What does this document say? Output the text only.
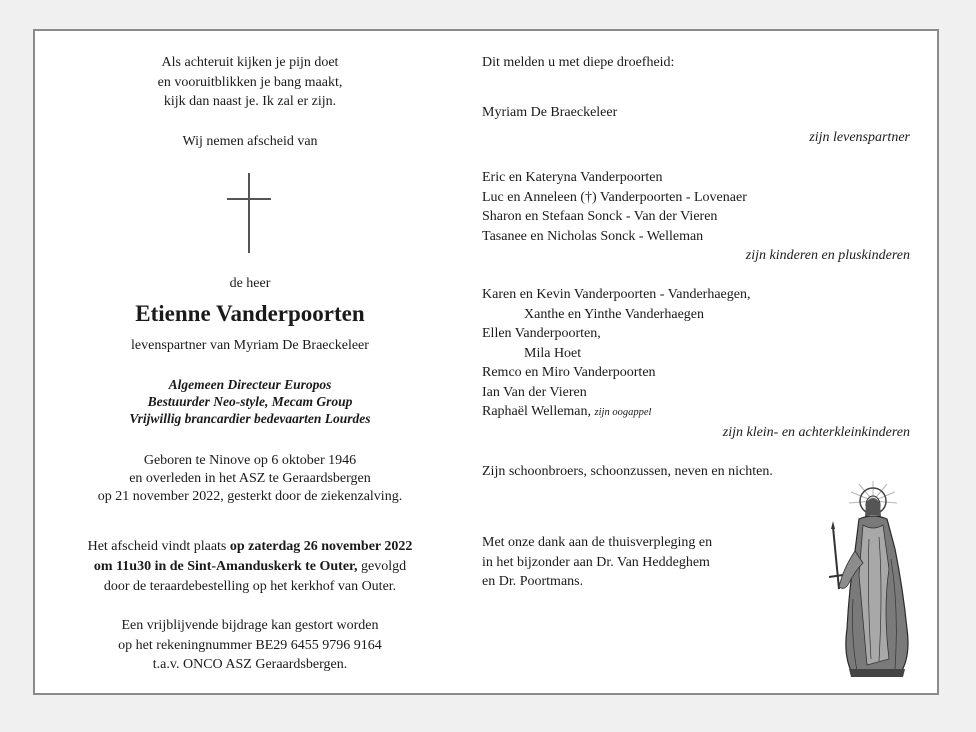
Als achteruit kijken je pijn doet
en vooruitblikken je bang maakt,
kijk dan naast je. Ik zal er zijn.
Wij nemen afscheid van
de heer
Etienne Vanderpoorten
levenspartner van Myriam De Braeckeleer
Algemeen Directeur Europos
Bestuurder Neo-style, Mecam Group
Vrijwillig brancardier bedevaarten Lourdes
Geboren te Ninove op 6 oktober 1946
en overleden in het ASZ te Geraardsbergen
op 21 november 2022, gesterkt door de ziekenzalving.
Het afscheid vindt plaats op zaterdag 26 november 2022
om 11u30 in de Sint-Amanduskerk te Outer, gevolgd
door de teraardebestelling op het kerkhof van Outer.
Een vrijblijvende bijdrage kan gestort worden
op het rekeningnummer BE29 6455 9796 9164
t.a.v. ONCO ASZ Geraardsbergen.
Dit melden u met diepe droefheid:
Myriam De Braeckeleer
zijn levenspartner
Eric en Kateryna Vanderpoorten
Luc en Anneleen (†) Vanderpoorten - Lovenaer
Sharon en Stefaan Sonck - Van der Vieren
Tasanee en Nicholas Sonck - Welleman
zijn kinderen en pluskinderen
Karen en Kevin Vanderpoorten - Vanderhaegen,
Xanthe en Yinthe Vanderhaegen
Ellen Vanderpoorten,
Mila Hoet
Remco en Miro Vanderpoorten
Ian Van der Vieren
Raphaël Welleman, zijn oogappel
zijn klein- en achterkleinkinderen
Zijn schoonbroers, schoonzussen, neven en nichten.
Met onze dank aan de thuisverpleging en
in het bijzonder aan Dr. Van Heddeghem
en Dr. Poortmans.
